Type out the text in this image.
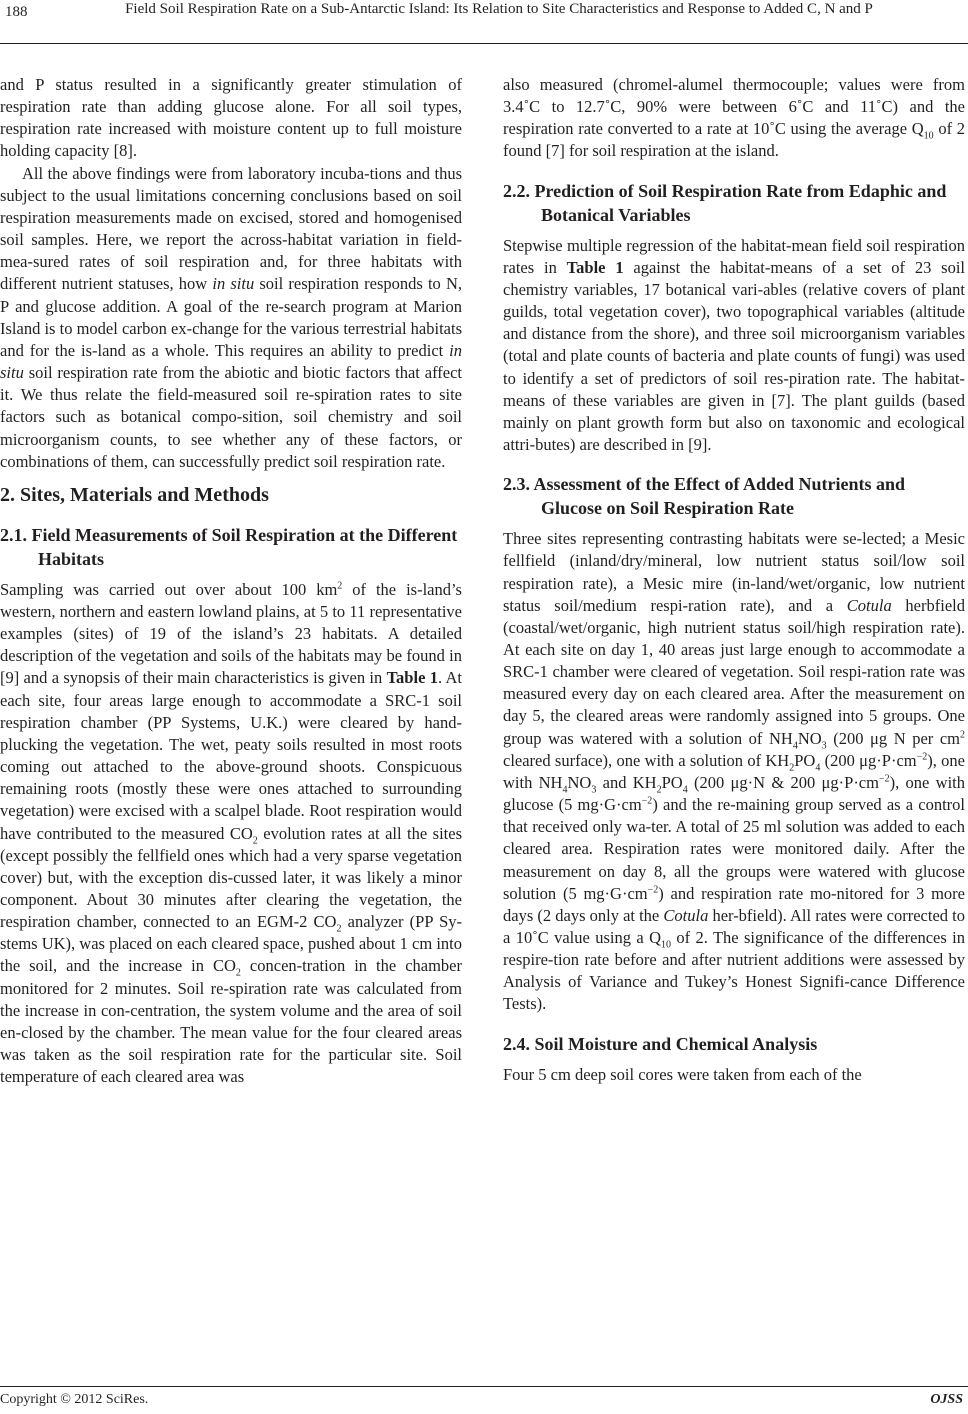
188	Field Soil Respiration Rate on a Sub-Antarctic Island: Its Relation to Site Characteristics and Response to Added C, N and P

and P status resulted in a significantly greater stimulation of respiration rate than adding glucose alone. For all soil types, respiration rate increased with moisture content up to full moisture holding capacity [8].

All the above findings were from laboratory incuba-tions and thus subject to the usual limitations concerning conclusions based on soil respiration measurements made on excised, stored and homogenised soil samples. Here, we report the across-habitat variation in field-mea-sured rates of soil respiration and, for three habitats with different nutrient statuses, how in situ soil respiration responds to N, P and glucose addition. A goal of the re-search program at Marion Island is to model carbon ex-change for the various terrestrial habitats and for the is-land as a whole. This requires an ability to predict in situ soil respiration rate from the abiotic and biotic factors that affect it. We thus relate the field-measured soil re-spiration rates to site factors such as botanical compo-sition, soil chemistry and soil microorganism counts, to see whether any of these factors, or combinations of them, can successfully predict soil respiration rate.

2. Sites, Materials and Methods
2.1. Field Measurements of Soil Respiration at the Different Habitats

Sampling was carried out over about 100 $km^2$ of the is-land’s western, northern and eastern lowland plains, at 5 to 11 representative examples (sites) of 19 of the island’s 23 habitats. A detailed description of the vegetation and soils of the habitats may be found in [9] and a synopsis of their main characteristics is given in Table 1. At each site, four areas large enough to accommodate a SRC-1 soil respiration chamber (PP Systems, U.K.) were cleared by hand-plucking the vegetation. The wet, peaty soils resulted in most roots coming out attached to the above-ground shoots. Conspicuous remaining roots (mostly these were ones attached to surrounding vegetation) were excised with a scalpel blade. Root respiration would have contributed to the measured $CO_2$ evolution rates at all the sites (except possibly the fellfield ones which had a very sparse vegetation cover) but, with the exception dis-cussed later, it was likely a minor component. About 30 minutes after clearing the vegetation, the respiration chamber, connected to an EGM-2 $CO_2$ analyzer (PP Sy-stems UK), was placed on each cleared space, pushed about 1 cm into the soil, and the increase in $CO_2$ concen-tration in the chamber monitored for 2 minutes. Soil re-spiration rate was calculated from the increase in con-centration, the system volume and the area of soil en-closed by the chamber. The mean value for the four cleared areas was taken as the soil respiration rate for the particular site. Soil temperature of each cleared area was

also measured (chromel-alumel thermocouple; values were from 3.4˚C to 12.7˚C, 90% were between 6˚C and 11˚C) and the respiration rate converted to a rate at 10˚C using the average $Q_{10}$ of 2 found [7] for soil respiration at the island.

2.2. Prediction of Soil Respiration Rate from Edaphic and Botanical Variables

Stepwise multiple regression of the habitat-mean field soil respiration rates in Table 1 against the habitat-means of a set of 23 soil chemistry variables, 17 botanical vari-ables (relative covers of plant guilds, total vegetation cover), two topographical variables (altitude and distance from the shore), and three soil microorganism variables (total and plate counts of bacteria and plate counts of fungi) was used to identify a set of predictors of soil res-piration rate. The habitat-means of these variables are given in [7]. The plant guilds (based mainly on plant growth form but also on taxonomic and ecological attri-butes) are described in [9].

2.3. Assessment of the Effect of Added Nutrients and Glucose on Soil Respiration Rate

Three sites representing contrasting habitats were se-lected; a Mesic fellfield (inland/dry/mineral, low nutrient status soil/low soil respiration rate), a Mesic mire (in-land/wet/organic, low nutrient status soil/medium respi-ration rate), and a Cotula herbfield (coastal/wet/organic, high nutrient status soil/high respiration rate). At each site on day 1, 40 areas just large enough to accommodate a SRC-1 chamber were cleared of vegetation. Soil respi-ration rate was measured every day on each cleared area. After the measurement on day 5, the cleared areas were randomly assigned into 5 groups. One group was watered with a solution of $NH_4NO_3$ (200 μg N per $cm^2$ cleared surface), one with a solution of $KH_2PO_4$ (200 $\mu g\cdot P\cdot cm^{-2}$), one with $NH_4NO_3$ and $KH_2PO_4$ (200 μg·N & 200 $\mu g\cdot P\cdot cm^{-2}$), one with glucose (5 $mg\cdot G\cdot cm^{-2}$) and the re-maining group served as a control that received only wa-ter. A total of 25 ml solution was added to each cleared area. Respiration rates were monitored daily. After the measurement on day 8, all the groups were watered with glucose solution (5 $mg\cdot G\cdot cm^{-2}$) and respiration rate mo-nitored for 3 more days (2 days only at the Cotula her-bfield). All rates were corrected to a 10˚C value using a $Q_{10}$ of 2. The significance of the differences in respire-tion rate before and after nutrient additions were assessed by Analysis of Variance and Tukey’s Honest Signifi-cance Difference Tests).

2.4. Soil Moisture and Chemical Analysis

Four 5 cm deep soil cores were taken from each of the

Copyright © 2012 SciRes.	OJSS
